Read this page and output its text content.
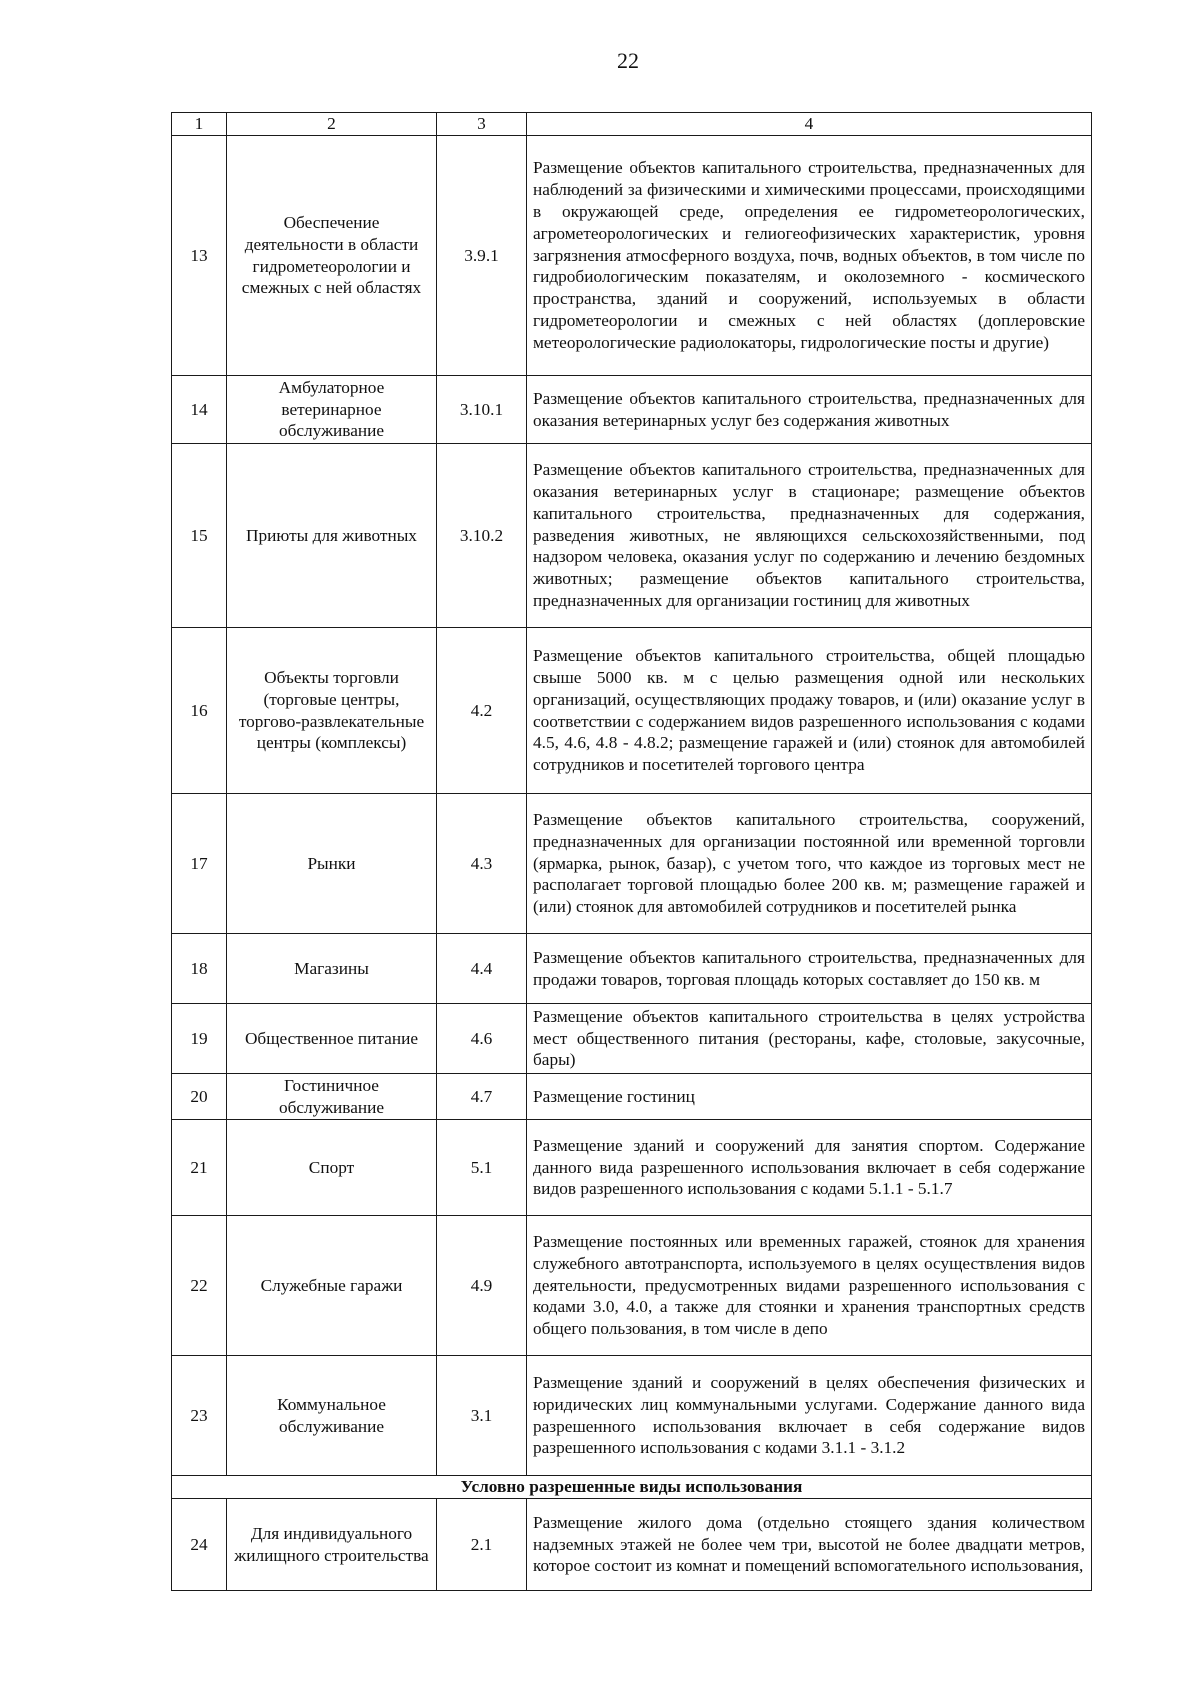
22
1	2	3	4
13	Обеспечение деятельности в области гидрометеорологии и смежных с ней областях	3.9.1	Размещение объектов капитального строительства, предназначенных для наблюдений за физическими и химическими процессами, происходящими в окружающей среде, определения ее гидрометеорологических, агрометеорологических и гелиогеофизических характеристик, уровня загрязнения атмосферного воздуха, почв, водных объектов, в том числе по гидробиологическим показателям, и околоземного - космического пространства, зданий и сооружений, используемых в области гидрометеорологии и смежных с ней областях (доплеровские метеорологические радиолокаторы, гидрологические посты и другие)
14	Амбулаторное ветеринарное обслуживание	3.10.1	Размещение объектов капитального строительства, предназначенных для оказания ветеринарных услуг без содержания животных
15	Приюты для животных	3.10.2	Размещение объектов капитального строительства, предназначенных для оказания ветеринарных услуг в стационаре; размещение объектов капитального строительства, предназначенных для содержания, разведения животных, не являющихся сельскохозяйственными, под надзором человека, оказания услуг по содержанию и лечению бездомных животных; размещение объектов капитального строительства, предназначенных для организации гостиниц для животных
16	Объекты торговли (торговые центры, торгово-развлекательные центры (комплексы)	4.2	Размещение объектов капитального строительства, общей площадью свыше 5000 кв. м с целью размещения одной или нескольких организаций, осуществляющих продажу товаров, и (или) оказание услуг в соответствии с содержанием видов разрешенного использования с кодами 4.5, 4.6, 4.8 - 4.8.2; размещение гаражей и (или) стоянок для автомобилей сотрудников и посетителей торгового центра
17	Рынки	4.3	Размещение объектов капитального строительства, сооружений, предназначенных для организации постоянной или временной торговли (ярмарка, рынок, базар), с учетом того, что каждое из торговых мест не располагает торговой площадью более 200 кв. м; размещение гаражей и (или) стоянок для автомобилей сотрудников и посетителей рынка
18	Магазины	4.4	Размещение объектов капитального строительства, предназначенных для продажи товаров, торговая площадь которых составляет до 150 кв. м
19	Общественное питание	4.6	Размещение объектов капитального строительства в целях устройства мест общественного питания (рестораны, кафе, столовые, закусочные, бары)
20	Гостиничное обслуживание	4.7	Размещение гостиниц
21	Спорт	5.1	Размещение зданий и сооружений для занятия спортом. Содержание данного вида разрешенного использования включает в себя содержание видов разрешенного использования с кодами 5.1.1 - 5.1.7
22	Служебные гаражи	4.9	Размещение постоянных или временных гаражей, стоянок для хранения служебного автотранспорта, используемого в целях осуществления видов деятельности, предусмотренных видами разрешенного использования с кодами 3.0, 4.0, а также для стоянки и хранения транспортных средств общего пользования, в том числе в депо
23	Коммунальное обслуживание	3.1	Размещение зданий и сооружений в целях обеспечения физических и юридических лиц коммунальными услугами. Содержание данного вида разрешенного использования включает в себя содержание видов разрешенного использования с кодами 3.1.1 - 3.1.2
Условно разрешенные виды использования			
24	Для индивидуального жилищного строительства	2.1	Размещение жилого дома (отдельно стоящего здания количеством надземных этажей не более чем три, высотой не более двадцати метров, которое состоит из комнат и помещений вспомогательного использования,
